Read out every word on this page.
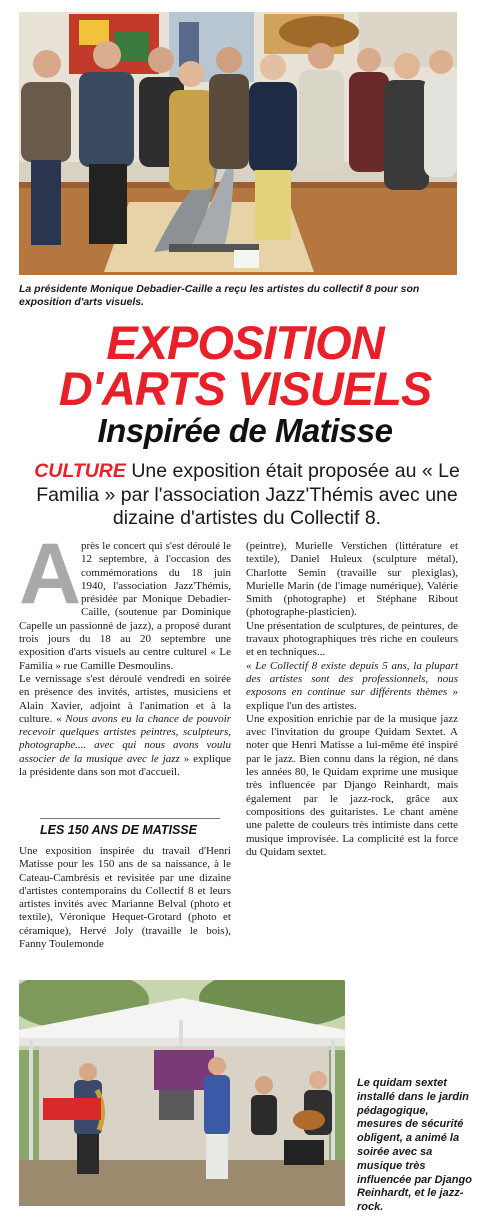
La présidente Monique Debadier-Caille a reçu les artistes du collectif 8 pour son exposition d'arts visuels.
EXPOSITION
D'ARTS VISUELS
Inspirée de Matisse
CULTURE Une exposition était proposée au « Le Familia » par l'association Jazz'Thémis avec une dizaine d'artistes du Collectif 8.
A près le concert qui s'est déroulé le 12 septembre, à l'occasion des commémorations du 18 juin 1940, l'association Jazz'Thémis, présidée par Monique Debadier-Caille, (soutenue par Dominique Capelle un passionné de jazz), a proposé durant trois jours du 18 au 20 septembre une exposition d'arts visuels au centre culturel « Le Familia » rue Camille Desmoulins.

Le vernissage s'est déroulé vendredi en soirée en présence des invités, artistes, musiciens et Alain Xavier, adjoint à l'animation et à la culture. « Nous avons eu la chance de pouvoir recevoir quelques artistes peintres, sculpteurs, photographe.... avec qui nous avons voulu associer de la musique avec le jazz » explique la présidente dans son mot d'accueil.

LES 150 ANS DE MATISSE

Une exposition inspirée du travail d'Henri Matisse pour les 150 ans de sa naissance, à le Cateau-Cambrésis et revisitée par une dizaine d'artistes contemporains du Collectif 8 et leurs artistes invités avec Marianne Belval (photo et textile), Véronique Hequet-Grotard (photo et céramique), Hervé Joly (travaille le bois), Fanny Toulemonde

(peintre), Murielle Verstichen (littérature et textile), Daniel Huleux (sculpture métal), Charlotte Semin (travaille sur plexiglas), Murielle Marin (de l'image numérique), Valérie Smith (photographe) et Stéphane Ribout (photographe-plasticien).

Une présentation de sculptures, de peintures, de travaux photographiques très riche en couleurs et en techniques...

« Le Collectif 8 existe depuis 5 ans, la plupart des artistes sont des professionnels, nous exposons en continue sur différents thèmes » explique l'un des artistes.

Une exposition enrichie par de la musique jazz avec l'invitation du groupe Quidam Sextet. A noter que Henri Matisse a lui-même été inspiré par le jazz. Bien connu dans la région, né dans les années 80, le Quidam exprime une musique très influencée par Django Reinhardt, mais également par le jazz-rock, grâce aux compositions des guitaristes. Le chant amène une palette de couleurs très intimiste dans cette musique improvisée. La complicité est la force du Quidam sextet.

Le quidam sextet installé dans le jardin pédagogique, mesures de sécurité obligent, a animé la soirée avec sa musique très influencée par Django Reinhardt, et le jazz-rock.
